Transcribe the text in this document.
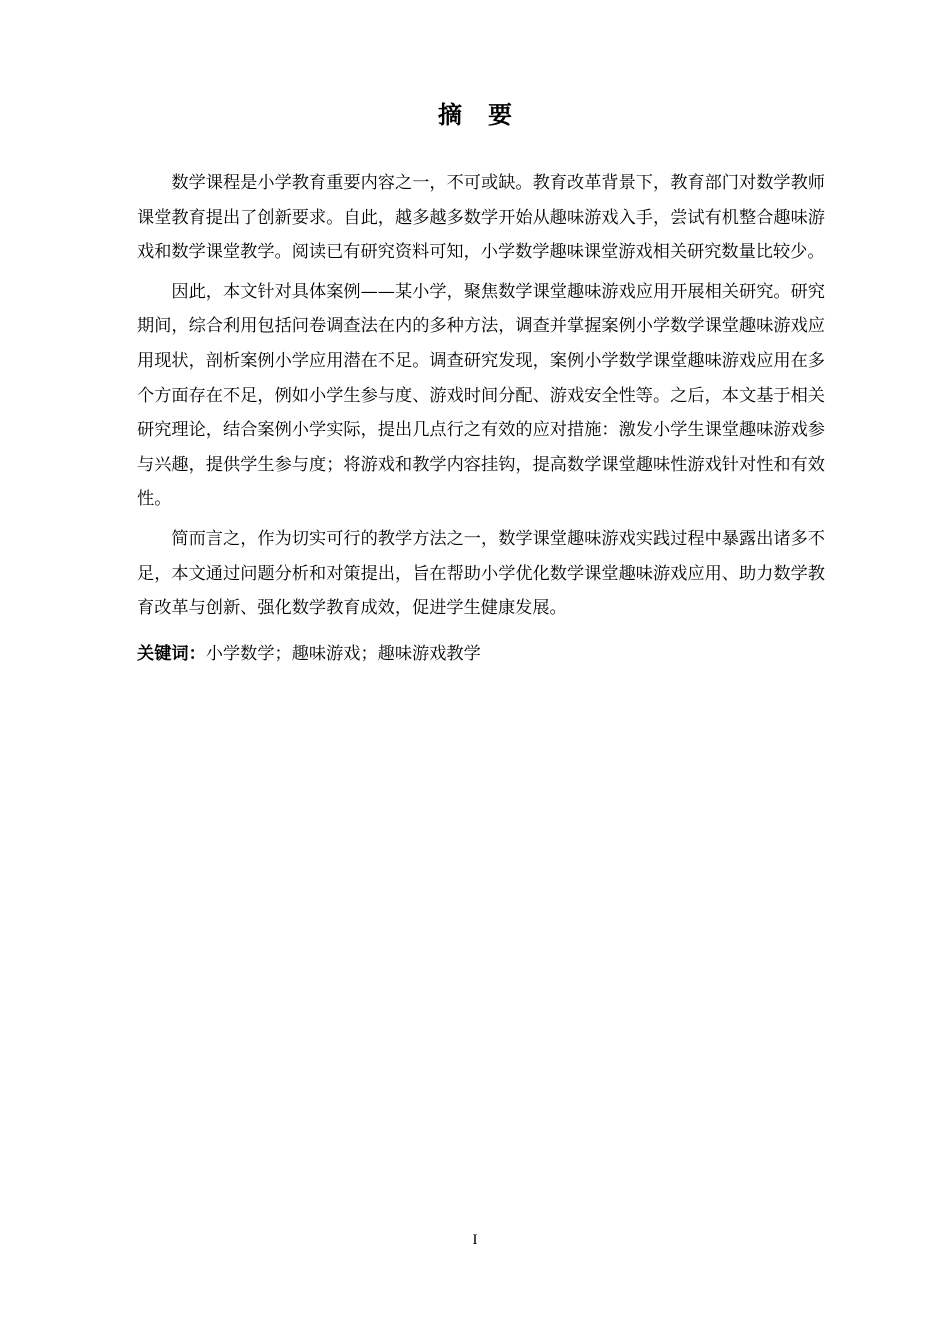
摘要

数学课程是小学教育重要内容之一，不可或缺。教育改革背景下，教育部门对数学教师课堂教育提出了创新要求。自此，越多越多数学开始从趣味游戏入手，尝试有机整合趣味游戏和数学课堂教学。阅读已有研究资料可知，小学数学趣味课堂游戏相关研究数量比较少。

因此，本文针对具体案例——某小学，聚焦数学课堂趣味游戏应用开展相关研究。研究期间，综合利用包括问卷调查法在内的多种方法，调查并掌握案例小学数学课堂趣味游戏应用现状，剖析案例小学应用潜在不足。调查研究发现，案例小学数学课堂趣味游戏应用在多个方面存在不足，例如小学生参与度、游戏时间分配、游戏安全性等。之后，本文基于相关研究理论，结合案例小学实际，提出几点行之有效的应对措施：激发小学生课堂趣味游戏参与兴趣，提供学生参与度；将游戏和教学内容挂钩，提高数学课堂趣味性游戏针对性和有效性。

简而言之，作为切实可行的教学方法之一，数学课堂趣味游戏实践过程中暴露出诸多不足，本文通过问题分析和对策提出，旨在帮助小学优化数学课堂趣味游戏应用、助力数学教育改革与创新、强化数学教育成效，促进学生健康发展。

关键词：小学数学；趣味游戏；趣味游戏教学
I
